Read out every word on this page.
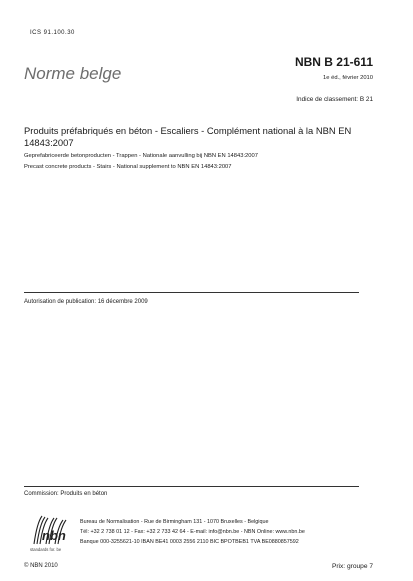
ICS 91.100.30
Norme belge
NBN B 21-611
1e éd., février 2010
Indice de classement: B 21
Produits préfabriqués en béton - Escaliers - Complément national à la NBN EN 14843:2007
Geprefabriceerde betonproducten - Trappen - Nationale aanvulling bij NBN EN 14843:2007
Precast concrete products - Stairs - National supplement to NBN EN 14843:2007
Autorisation de publication: 16 décembre 2009
Commission: Produits en béton
nbn
standards for. be
Bureau de Normalisation - Rue de Birmingham 131 - 1070 Bruxelles - Belgique
Tél: +32 2 738 01 12 - Fax: +32 2 733 42 64 - E-mail: info@nbn.be - NBN Online: www.nbn.be
Banque 000-3255621-10 IBAN BE41 0003 2556 2110 BIC BPOTBEB1 TVA BE0880857592
© NBN 2010	Prix: groupe 7
